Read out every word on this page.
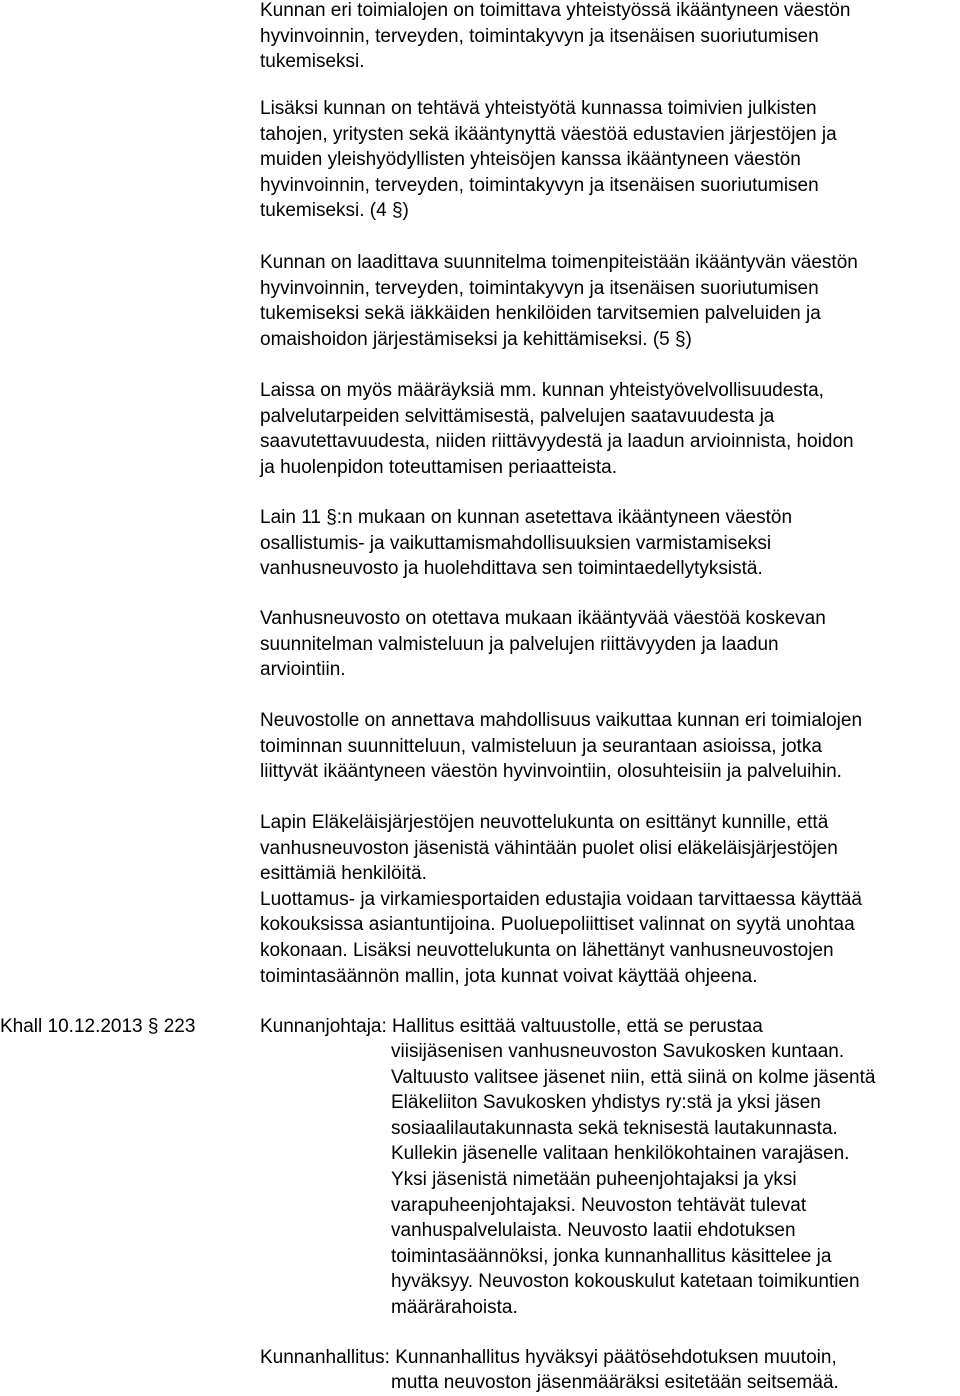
Kunnan eri toimialojen on toimittava yhteistyössä ikääntyneen väestön
hyvinvoinnin, terveyden, toimintakyvyn ja itsenäisen suoriutumisen
tukemiseksi.

Lisäksi kunnan on tehtävä yhteistyötä kunnassa toimivien julkisten
tahojen, yritysten sekä ikääntynyttä väestöä edustavien järjestöjen ja
muiden yleishyödyllisten yhteisöjen kanssa ikääntyneen väestön
hyvinvoinnin, terveyden, toimintakyvyn ja itsenäisen suoriutumisen
tukemiseksi. (4 §)

Kunnan on laadittava suunnitelma toimenpiteistään ikääntyvän väestön
hyvinvoinnin, terveyden, toimintakyvyn ja itsenäisen suoriutumisen
tukemiseksi sekä iäkkäiden henkilöiden tarvitsemien palveluiden ja
omaishoidon järjestämiseksi ja kehittämiseksi. (5 §)

Laissa on myös määräyksiä mm. kunnan yhteistyövelvollisuudesta,
palvelutarpeiden selvittämisestä, palvelujen saatavuudesta ja
saavutettavuudesta, niiden riittävyydestä ja laadun arvioinnista, hoidon
ja huolenpidon toteuttamisen periaatteista.

Lain 11 §:n mukaan on kunnan asetettava ikääntyneen väestön
osallistumis- ja vaikuttamismahdollisuuksien varmistamiseksi
vanhusneuvosto ja huolehdittava sen toimintaedellytyksistä.

Vanhusneuvosto on otettava mukaan ikääntyvää väestöä koskevan
suunnitelman valmisteluun ja palvelujen riittävyyden ja laadun
arviointiin.

Neuvostolle on annettava mahdollisuus vaikuttaa kunnan eri toimialojen
toiminnan suunnitteluun, valmisteluun ja seurantaan asioissa, jotka
liittyvät ikääntyneen väestön hyvinvointiin, olosuhteisiin ja palveluihin.

Lapin Eläkeläisjärjestöjen neuvottelukunta on esittänyt kunnille, että
vanhusneuvoston jäsenistä vähintään puolet olisi eläkeläisjärjestöjen
esittämiä henkilöitä.
Luottamus- ja virkamiesportaiden edustajia voidaan tarvittaessa käyttää
kokouksissa asiantuntijoina. Puoluepoliittiset valinnat on syytä unohtaa
kokonaan. Lisäksi neuvottelukunta on lähettänyt vanhusneuvostojen
toimintasäännön mallin, jota kunnat voivat käyttää ohjeena.

Khall 10.12.2013 § 223	Kunnanjohtaja: Hallitus esittää valtuustolle, että se perustaa

viisijäsenisen vanhusneuvoston Savukosken kuntaan.
Valtuusto valitsee jäsenet niin, että siinä on kolme jäsentä
Eläkeliiton Savukosken yhdistys ry:stä ja yksi jäsen
sosiaalilautakunnasta sekä teknisestä lautakunnasta.
Kullekin jäsenelle valitaan henkilökohtainen varajäsen.
Yksi jäsenistä nimetään puheenjohtajaksi ja yksi
varapuheenjohtajaksi. Neuvoston tehtävät tulevat
vanhuspalvelulaista. Neuvosto laatii ehdotuksen
toimintasäännöksi, jonka kunnanhallitus käsittelee ja
hyväksyy. Neuvoston kokouskulut katetaan toimikuntien
määrärahoista.

Kunnanhallitus: Kunnanhallitus hyväksyi päätösehdotuksen muutoin,

mutta neuvoston jäsenmääräksi esitetään seitsemää.
